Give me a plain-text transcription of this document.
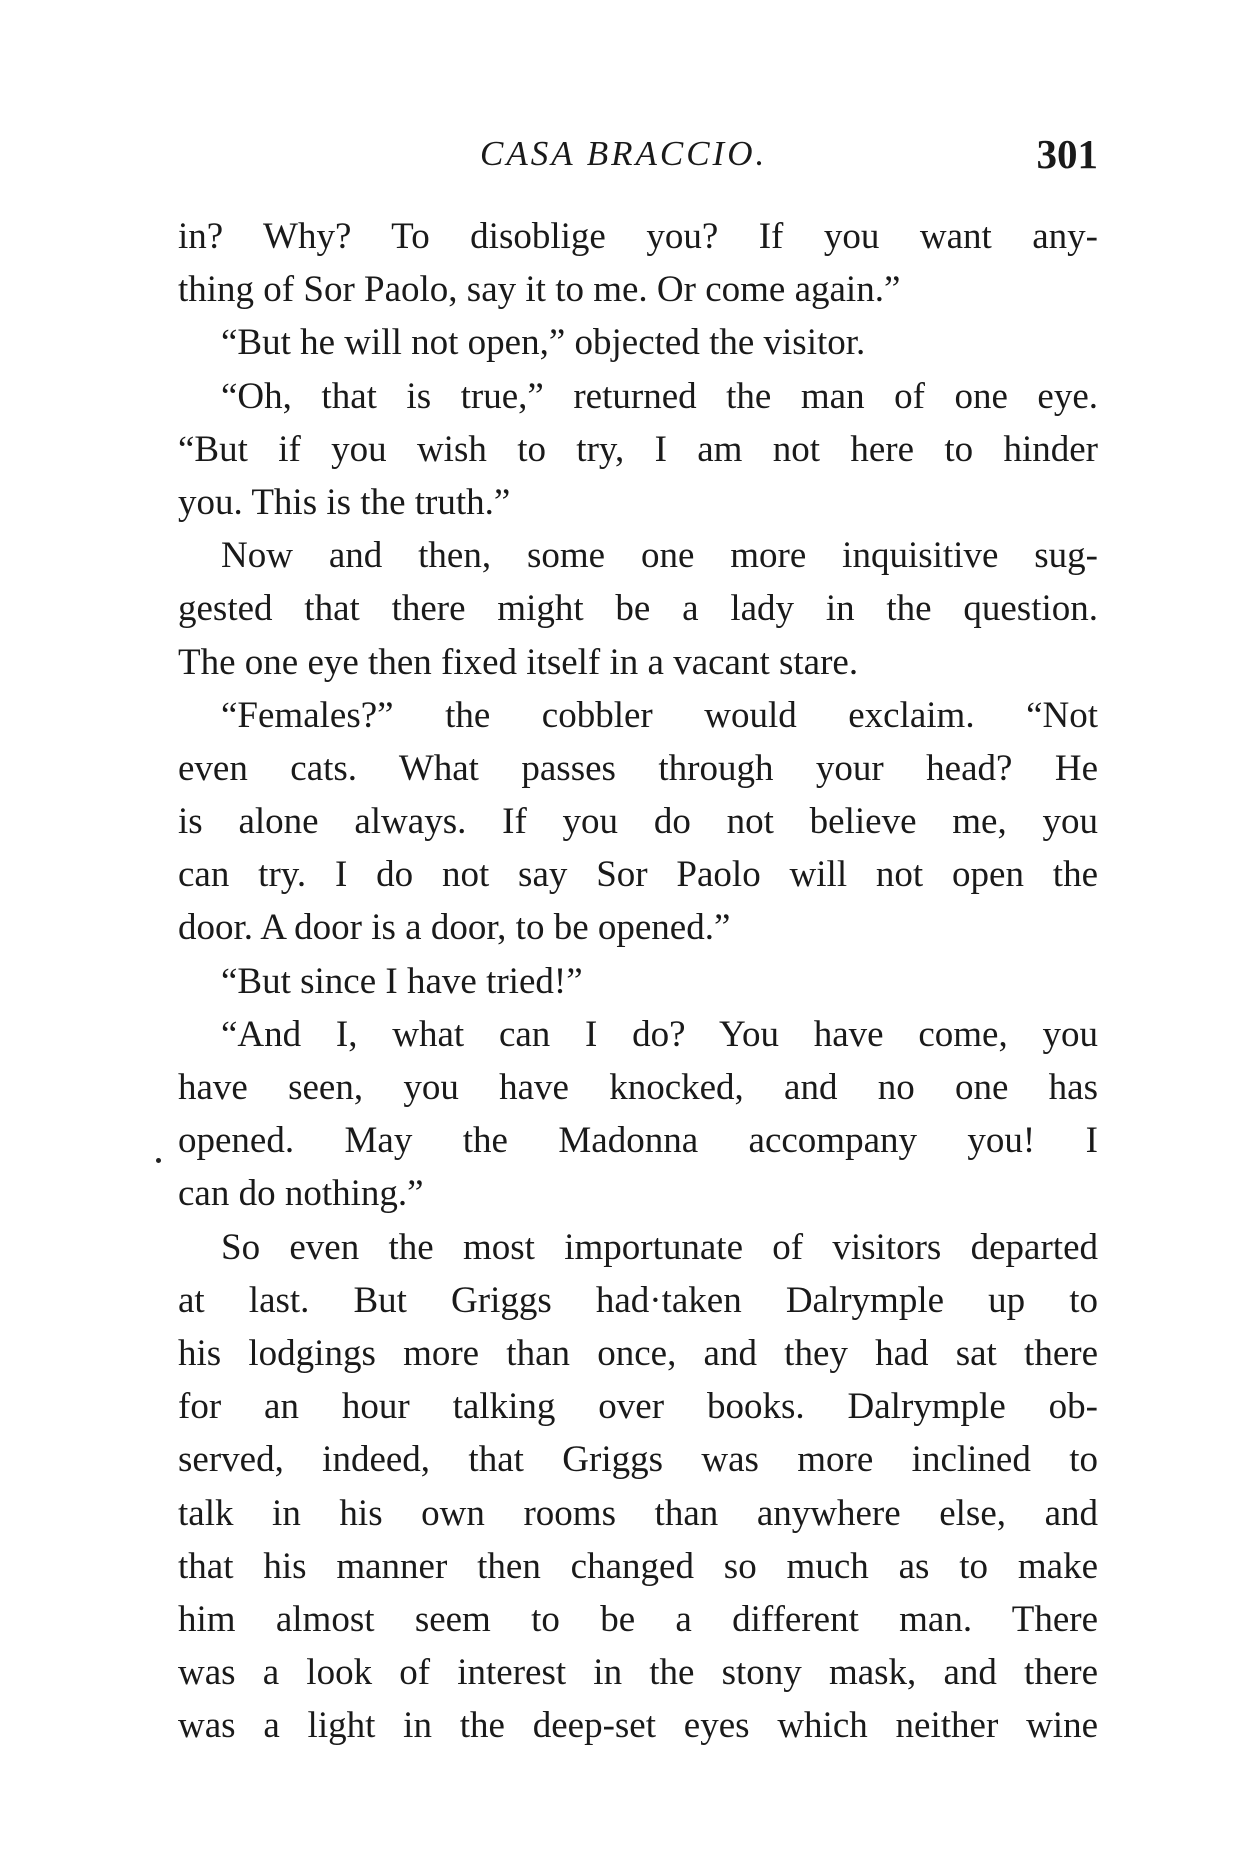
CASA BRACCIO.	301
in? Why? To disoblige you? If you want any-
thing of Sor Paolo, say it to me. Or come again.”
“But he will not open,” objected the visitor.
“Oh, that is true,” returned the man of one eye.
“But if you wish to try, I am not here to hinder
you. This is the truth.”
Now and then, some one more inquisitive sug-
gested that there might be a lady in the question.
The one eye then fixed itself in a vacant stare.
“Females?” the cobbler would exclaim. “Not
even cats. What passes through your head? He
is alone always. If you do not believe me, you
can try. I do not say Sor Paolo will not open the
door. A door is a door, to be opened.”
“But since I have tried!”
“And I, what can I do? You have come, you
have seen, you have knocked, and no one has
opened. May the Madonna accompany you! I
can do nothing.”
So even the most importunate of visitors departed
at last. But Griggs had·taken Dalrymple up to
his lodgings more than once, and they had sat there
for an hour talking over books. Dalrymple ob-
served, indeed, that Griggs was more inclined to
talk in his own rooms than anywhere else, and
that his manner then changed so much as to make
him almost seem to be a different man. There
was a look of interest in the stony mask, and there
was a light in the deep-set eyes which neither wine
